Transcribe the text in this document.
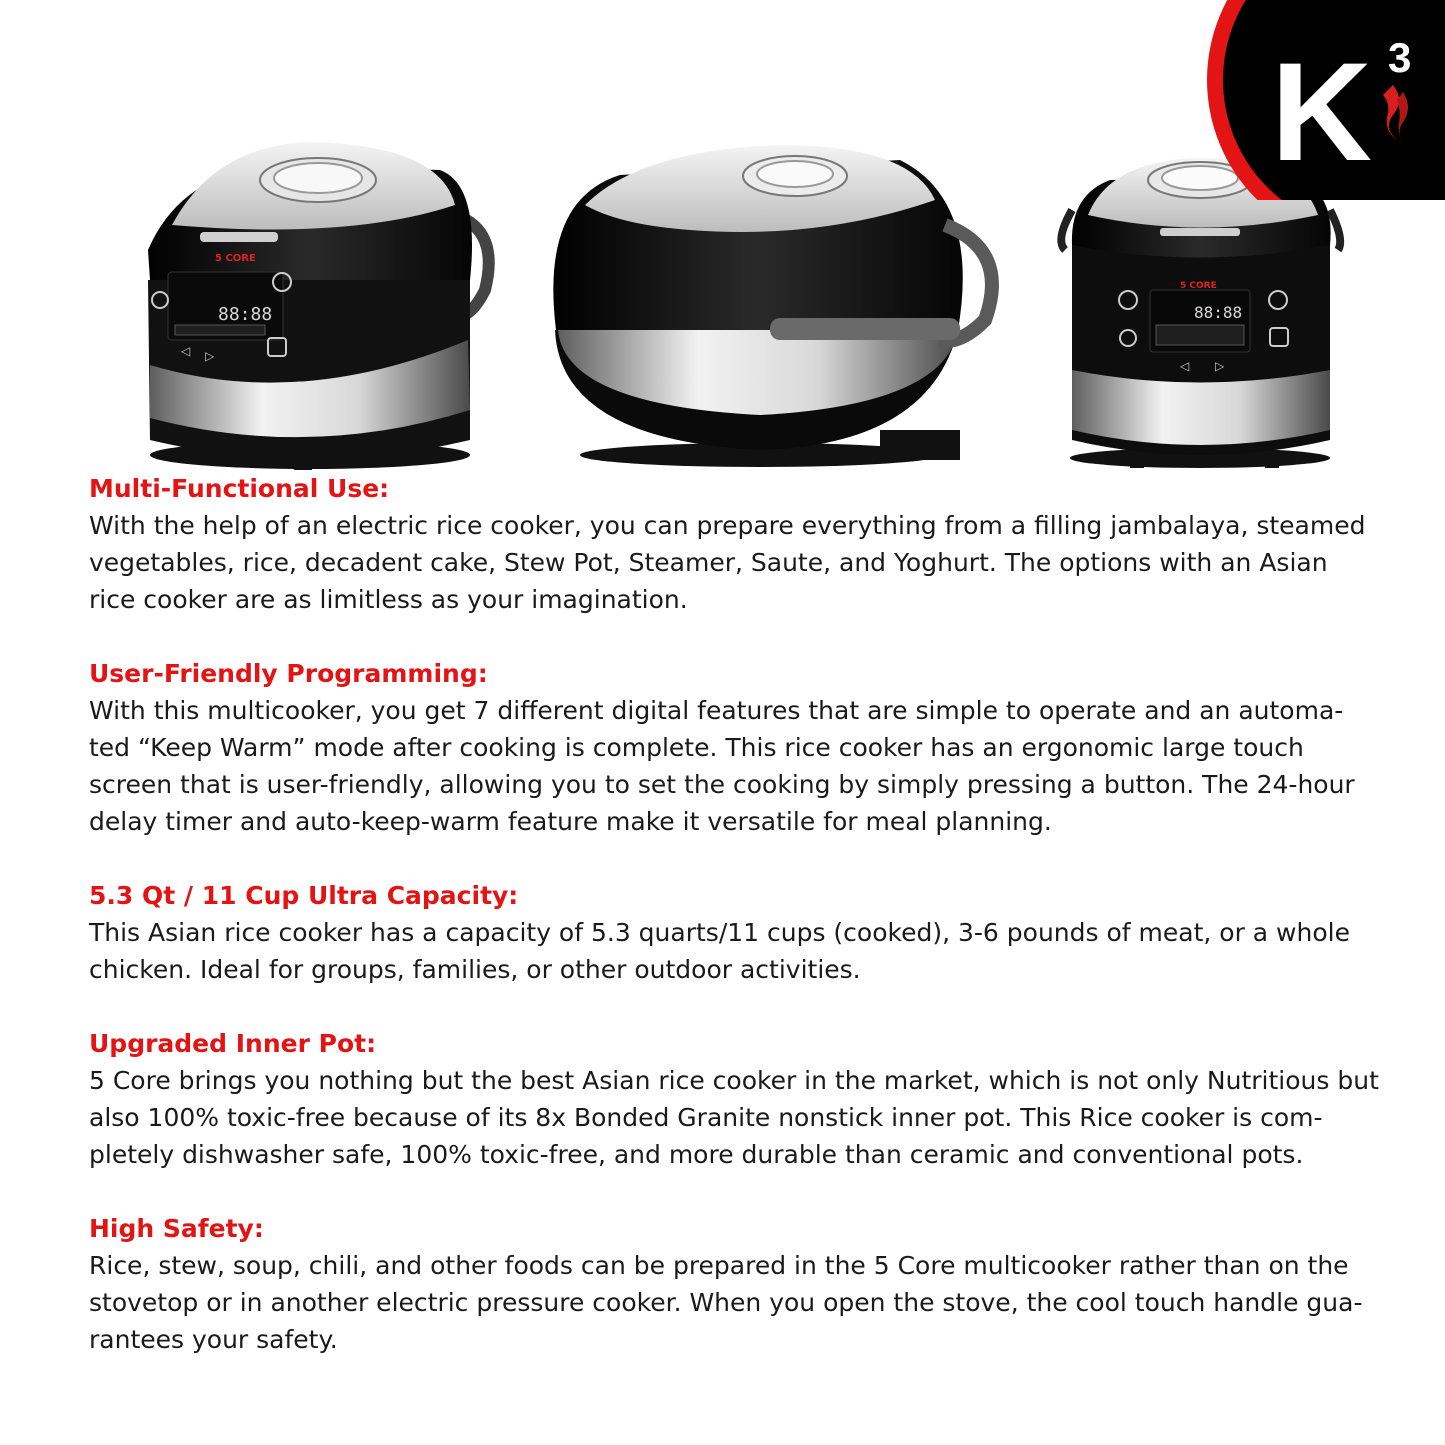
88:88
◁ ▷
5 CORE
88:88
5 CORE
◁ ▷
K 3
Multi-Functional Use:

With the help of an electric rice cooker, you can prepare everything from a filling jambalaya, steamed vegetables, rice, decadent cake, Stew Pot, Steamer, Saute, and Yoghurt. The options with an Asian rice cooker are as limitless as your imagination.

User-Friendly Programming:

With this multicooker, you get 7 different digital features that are simple to operate and an automa-ted “Keep Warm” mode after cooking is complete. This rice cooker has an ergonomic large touch screen that is user-friendly, allowing you to set the cooking by simply pressing a button. The 24-hour delay timer and auto-keep-warm feature make it versatile for meal planning.

5.3 Qt / 11 Cup Ultra Capacity:

This Asian rice cooker has a capacity of 5.3 quarts/11 cups (cooked), 3-6 pounds of meat, or a whole chicken. Ideal for groups, families, or other outdoor activities.

Upgraded Inner Pot:

5 Core brings you nothing but the best Asian rice cooker in the market, which is not only Nutritious but also 100% toxic-free because of its 8x Bonded Granite nonstick inner pot. This Rice cooker is com-pletely dishwasher safe, 100% toxic-free, and more durable than ceramic and conventional pots.

High Safety:

Rice, stew, soup, chili, and other foods can be prepared in the 5 Core multicooker rather than on the stovetop or in another electric pressure cooker. When you open the stove, the cool touch handle gua-rantees your safety.
